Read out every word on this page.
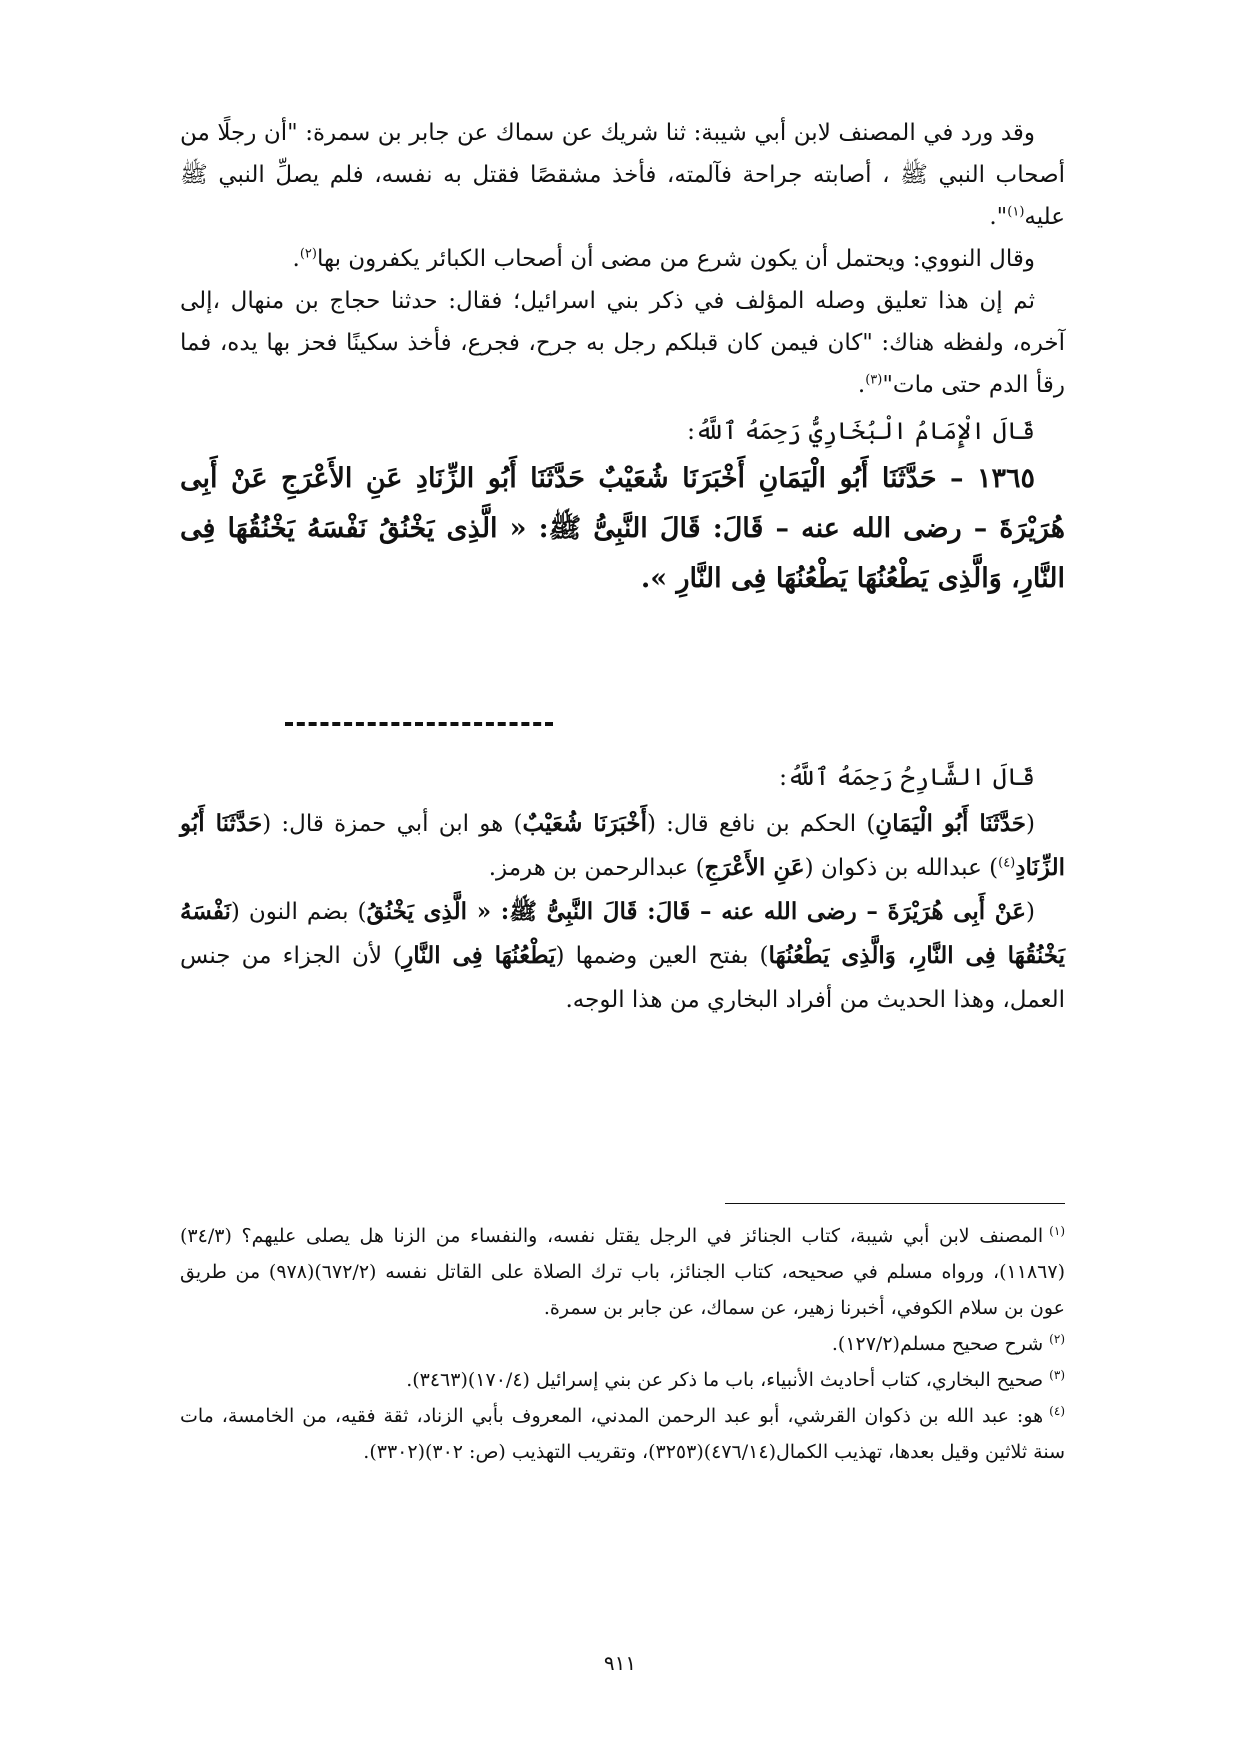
وقد ورد في المصنف لابن أبي شيبة: ثنا شريك عن سماك عن جابر بن سمرة: "أن رجلًا من أصحاب النبي ﷺ ، أصابته جراحة فآلمته، فأخذ مشقصًا فقتل به نفسه، فلم يصلِّ النبي ﷺ عليه$^{(١)}$".

وقال النووي: ويحتمل أن يكون شرع من مضى أن أصحاب الكبائر يكفرون بها$^{(٢)}$.

ثم إن هذا تعليق وصله المؤلف في ذكر بني اسرائيل؛ فقال: حدثنا حجاج بن منهال ،إلى آخره، ولفظه هناك: "كان فيمن كان قبلكم رجل به جرح، فجرع، فأخذ سكينًا فحز بها يده، فما رقأ الدم حتى مات"$^{(٣)}$.

قَالَ الْإِمَامُ الْبُخَارِيُّ رَحِمَهُ ٱللَّهُ:

١٣٦٥ – حَدَّثَنَا أَبُو الْيَمَانِ أَخْبَرَنَا شُعَيْبٌ حَدَّثَنَا أَبُو الزِّنَادِ عَنِ الأَعْرَجِ عَنْ أَبِى هُرَيْرَةَ – رضى الله عنه – قَالَ: قَالَ النَّبِىُّ ﷺ: « الَّذِى يَخْنُقُ نَفْسَهُ يَخْنُقُهَا فِى النَّارِ، وَالَّذِى يَطْعُنُهَا يَطْعُنُهَا فِى النَّارِ ».

قَالَ الشَّارِحُ رَحِمَهُ ٱللَّهُ:

(حَدَّثَنَا أَبُو الْيَمَانِ) الحكم بن نافع قال: (أَخْبَرَنَا شُعَيْبٌ) هو ابن أبي حمزة قال: (حَدَّثَنَا أَبُو الزِّنَادِ$^{(٤)}$) عبدالله بن ذكوان (عَنِ الأَعْرَجِ) عبدالرحمن بن هرمز.

(عَنْ أَبِى هُرَيْرَةَ – رضى الله عنه – قَالَ: قَالَ النَّبِىُّ ﷺ: « الَّذِى يَخْنُقُ) بضم النون (نَفْسَهُ يَخْنُقُهَا فِى النَّارِ، وَالَّذِى يَطْعُنُهَا) بفتح العين وضمها (يَطْعُنُهَا فِى النَّارِ) لأن الجزاء من جنس العمل، وهذا الحديث من أفراد البخاري من هذا الوجه.

$^{(١)}$المصنف لابن أبي شيبة، كتاب الجنائز في الرجل يقتل نفسه، والنفساء من الزنا هل يصلى عليهم؟ (٣٤/٣)(١١٨٦٧)، ورواه مسلم في صحيحه، كتاب الجنائز، باب ترك الصلاة على القاتل نفسه (٦٧٢/٢)(٩٧٨) من طريق عون بن سلام الكوفي، أخبرنا زهير، عن سماك، عن جابر بن سمرة.

$^{(٢)}$شرح صحيح مسلم(١٢٧/٢).

$^{(٣)}$صحيح البخاري، كتاب أحاديث الأنبياء، باب ما ذكر عن بني إسرائيل (١٧٠/٤)(٣٤٦٣).

$^{(٤)}$هو: عبد الله بن ذكوان القرشي، أبو عبد الرحمن المدني، المعروف بأبي الزناد، ثقة فقيه، من الخامسة، مات سنة ثلاثين وقيل بعدها، تهذيب الكمال(٤٧٦/١٤)(٣٢٥٣)، وتقريب التهذيب (ص: ٣٠٢)(٣٣٠٢).

٩١١
